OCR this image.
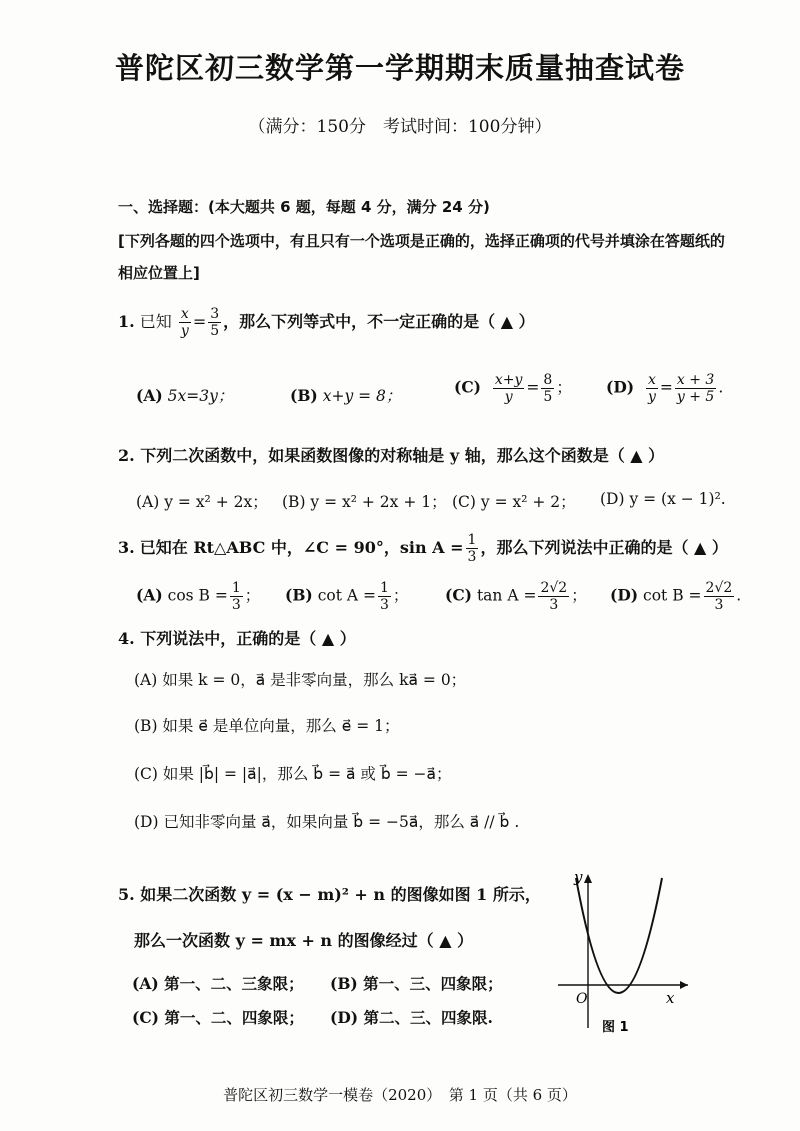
普陀区初三数学第一学期期末质量抽查试卷
（满分：150分　考试时间：100分钟）
一、选择题：(本大题共 6 题，每题 4 分，满分 24 分)
[下列各题的四个选项中，有且只有一个选项是正确的，选择正确项的代号并填涂在答题纸的
相应位置上]
1. 已知 $\frac{x}{y} = \frac{3}{5}$ ，那么下列等式中，不一定正确的是（ ▲ ）
(A) 5x=3y；	(B) x+y = 8；	$(C) \frac{x+y}{y} = \frac{8}{5}$ ； $(D) \frac{x}{y} = \frac{x + 3}{y + 5}$ .
2. 下列二次函数中，如果函数图像的对称轴是 y 轴，那么这个函数是（ ▲ ）
(A) y = x² + 2x； (B) y = x² + 2x + 1； (C) y = x² + 2； (D) y = (x − 1)².
3. 已知在 Rt△ABC 中，∠C = 90°，$\sin A = \frac{1}{3}$ ，那么下列说法中正确的是（ ▲ ）
(A) $\cos B = \frac{1}{3}$ ； (B) $\cot A = \frac{1}{3}$ ； (C) $\tan A = \frac{2√2}{3}$ ； (D) $\cot B = \frac{2√2}{3}$ .
4. 下列说法中，正确的是（ ▲ ）
(A) 如果 k = 0，a⃗ 是非零向量，那么 ka⃗ = 0；
(B) 如果 e⃗ 是单位向量，那么 e⃗ = 1；
(C) 如果 |b⃗| = |a⃗|，那么 b⃗ = a⃗ 或 b⃗ = −a⃗；
(D) 已知非零向量 a⃗，如果向量 b⃗ = −5a⃗，那么 a⃗ // b⃗ .
5. 如果二次函数 y = (x − m)² + n 的图像如图 1 所示，
那么一次函数 y = mx + n 的图像经过（ ▲ ）
(A) 第一、二、三象限； (B) 第一、三、四象限；
(C) 第一、二、四象限； (D) 第二、三、四象限.
y
x
O
图 1
普陀区初三数学一模卷（2020）　第 1 页（共 6 页）
